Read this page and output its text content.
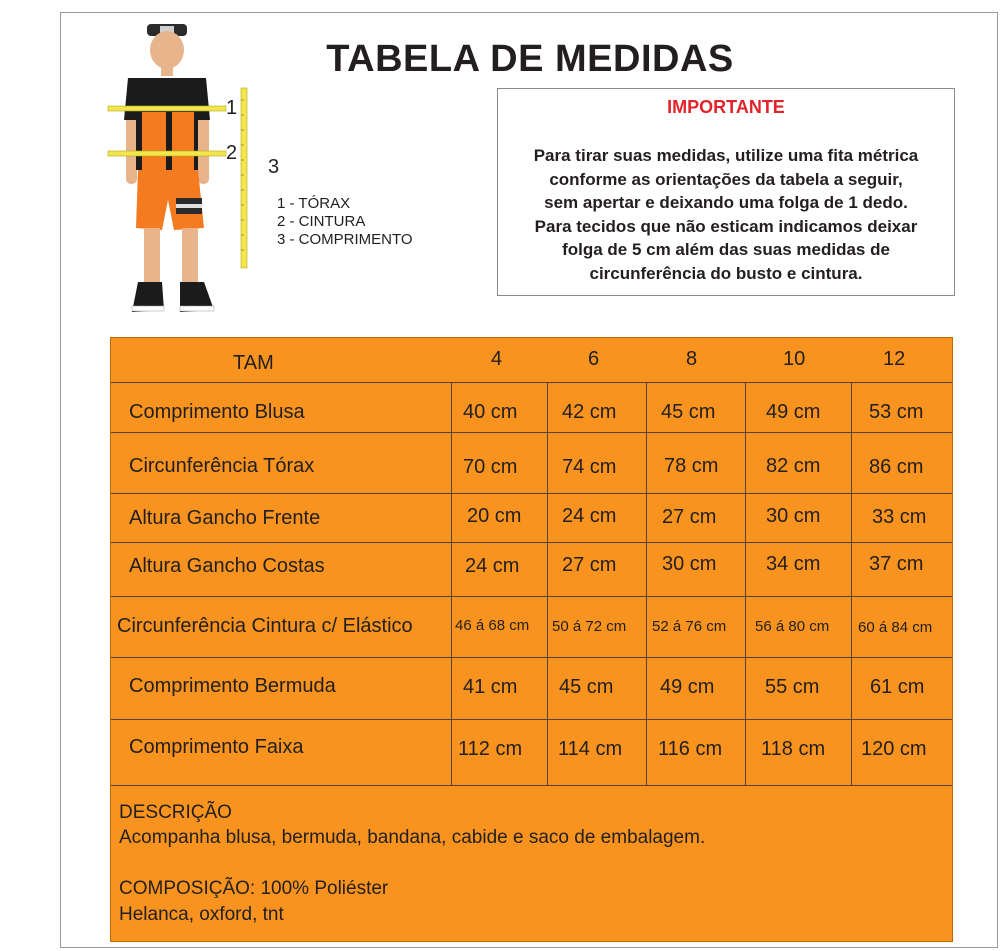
TABELA DE MEDIDAS
1
2
3
1 - TÓRAX
2 - CINTURA
3 - COMPRIMENTO
IMPORTANTE
Para tirar suas medidas, utilize uma fita métrica
conforme as orientações da tabela a seguir,
sem apertar e deixando uma folga de 1 dedo.
Para tecidos que não esticam indicamos deixar
folga de 5 cm além das suas medidas de
circunferência do busto e cintura.
TAM	4	6	8	10	12
Comprimento Blusa	40 cm 42 cm 45 cm	49 cm 53 cm
Circunferência Tórax	70 cm 74 cm 78 cm 82 cm 86 cm
Altura Gancho Frente	20 cm 24 cm 27 cm 30 cm	33 cm
Altura Gancho Costas	24 cm 27 cm 30 cm 34 cm 37 cm
Circunferência Cintura c/ Elástico	46 á 68 cm 50 á 72 cm 52 á 76 cm 56 á 80 cm 60 á 84 cm
Comprimento Bermuda	41 cm 45 cm 49 cm	55 cm	61 cm
Comprimento Faixa	112 cm 114 cm 116 cm 118 cm 120 cm
DESCRIÇÃO
Acompanha blusa, bermuda, bandana, cabide e saco de embalagem.
COMPOSIÇÃO: 100% Poliéster
Helanca, oxford, tnt
